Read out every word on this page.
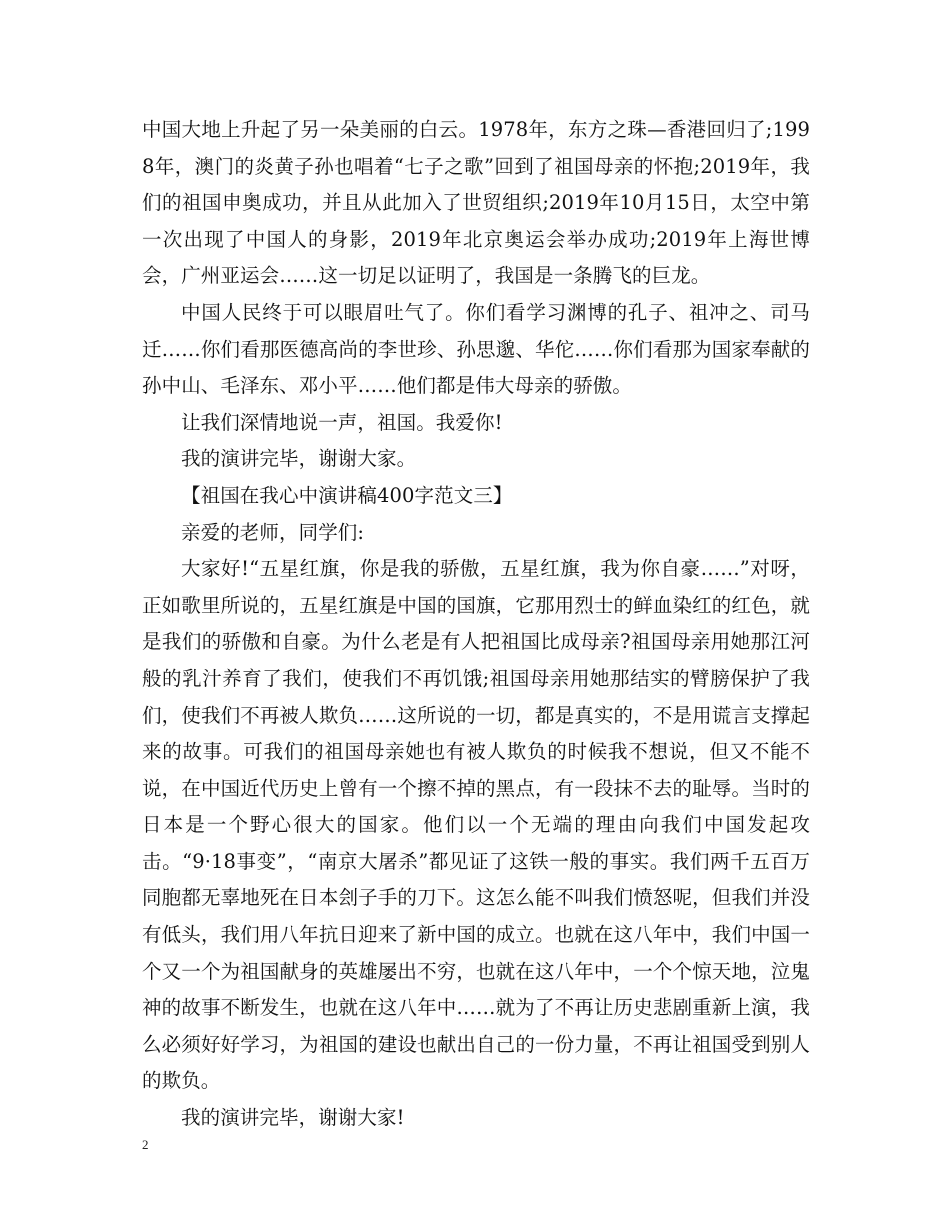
中国大地上升起了另一朵美丽的白云。1978年，东方之珠—香港回归了;1998年，澳门的炎黄子孙也唱着“七子之歌”回到了祖国母亲的怀抱;2019年，我们的祖国申奥成功，并且从此加入了世贸组织;2019年10月15日，太空中第一次出现了中国人的身影，2019年北京奥运会举办成功;2019年上海世博会，广州亚运会……这一切足以证明了，我国是一条腾飞的巨龙。

中国人民终于可以眼眉吐气了。你们看学习渊博的孔子、祖冲之、司马迁……你们看那医德高尚的李世珍、孙思邈、华佗……你们看那为国家奉献的孙中山、毛泽东、邓小平……他们都是伟大母亲的骄傲。

让我们深情地说一声，祖国。我爱你!

我的演讲完毕，谢谢大家。

【祖国在我心中演讲稿400字范文三】

亲爱的老师，同学们:

大家好!“五星红旗，你是我的骄傲，五星红旗，我为你自豪……”对呀，正如歌里所说的，五星红旗是中国的国旗，它那用烈士的鲜血染红的红色，就是我们的骄傲和自豪。为什么老是有人把祖国比成母亲?祖国母亲用她那江河般的乳汁养育了我们，使我们不再饥饿;祖国母亲用她那结实的臂膀保护了我们，使我们不再被人欺负……这所说的一切，都是真实的，不是用谎言支撑起来的故事。可我们的祖国母亲她也有被人欺负的时候我不想说，但又不能不说，在中国近代历史上曾有一个擦不掉的黑点，有一段抹不去的耻辱。当时的日本是一个野心很大的国家。他们以一个无端的理由向我们中国发起攻击。“9·18事变”，“南京大屠杀”都见证了这铁一般的事实。我们两千五百万同胞都无辜地死在日本刽子手的刀下。这怎么能不叫我们愤怒呢，但我们并没有低头，我们用八年抗日迎来了新中国的成立。也就在这八年中，我们中国一个又一个为祖国献身的英雄屡出不穷，也就在这八年中，一个个惊天地，泣鬼神的故事不断发生，也就在这八年中……就为了不再让历史悲剧重新上演，我么必须好好学习，为祖国的建设也献出自己的一份力量，不再让祖国受到别人的欺负。

我的演讲完毕，谢谢大家!

2
